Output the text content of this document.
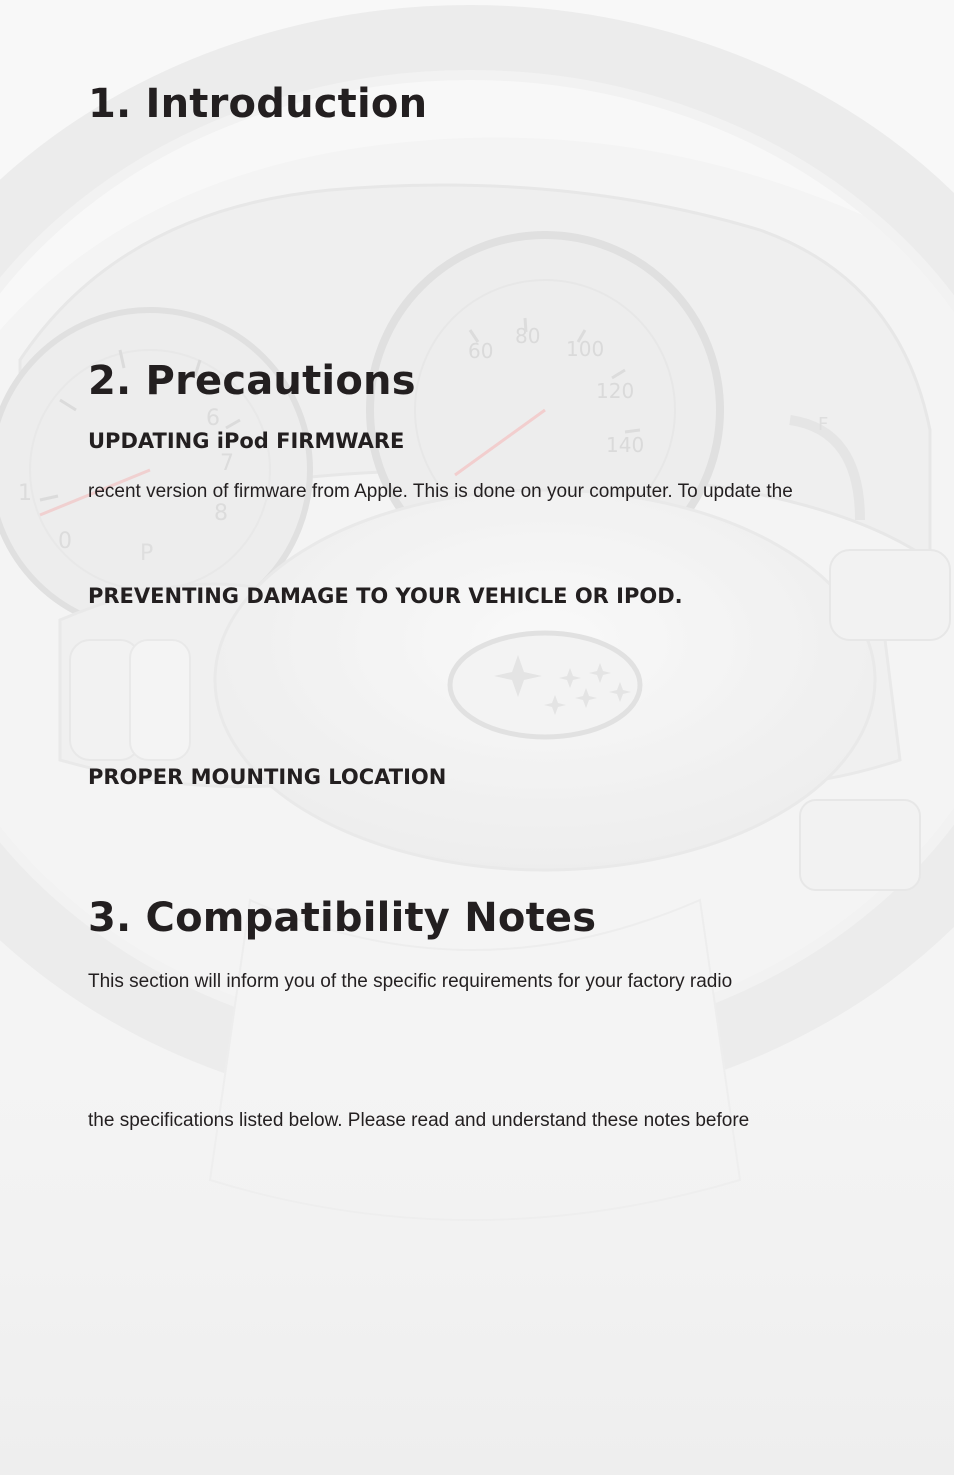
1. Introduction
2. Precautions
UPDATING iPod FIRMWARE

recent version of firmware from Apple. This is done on your computer. To update the

PREVENTING DAMAGE TO YOUR VEHICLE OR IPOD.
PROPER MOUNTING LOCATION
3. Compatibility Notes

This section will inform you of the specific requirements for your factory radio

the specifications listed below. Please read and understand these notes before
